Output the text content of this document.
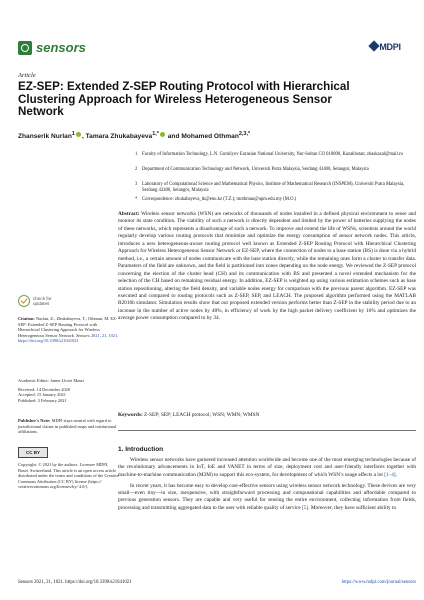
sensors	MDPI
Article
EZ-SEP: Extended Z-SEP Routing Protocol with Hierarchical Clustering Approach for Wireless Heterogeneous Sensor Network
Zhanserik Nurlan$^1$ , Tamara Zhukabayeva$^{1,*}$ and Mohamed Othman$^{2,3,*}$
1 Faculty of Information Technology, L.N. Gumilyov Eurasian National University, Nur-Sultan CO 010000, Kazakhstan; zhaskazal@mail.ru
2 Department of Communication Technology and Network, Universiti Putra Malaysia, Serdang 43400, Selangor, Malaysia
3 Laboratory of Computational Science and Mathematical Physics, Institute of Mathematical Research (INSPEM), Universiti Putra Malaysia, Serdang 43400, Selangor, Malaysia
* Correspondence: zhukabayeva_tk@enu.kz (T.Z.); mothman@upm.edu.my (M.O.)
Abstract: Wireless sensor networks (WSN) are networks of thousands of nodes installed in a defined physical environment to sense and monitor its state condition. The viability of such a network is directly dependent and limited by the power of batteries supplying the nodes of these networks, which represents a disadvantage of such a network. To improve and extend the life of WSNs, scientists around the world regularly develop various routing protocols that minimize and optimize the energy consumption of sensor network nodes. This article, introduces a new heterogeneous-aware routing protocol well known as Extended Z-SEP Routing Protocol with Hierarchical Clustering Approach for Wireless Heterogeneous Sensor Network or EZ-SEP, where the connection of nodes to a base station (BS) is done via a hybrid method, i.e., a certain amount of nodes communicate with the base station directly, while the remaining ones form a cluster to transfer data. Parameters of the field are unknown, and the field is partitioned into zones depending on the node energy. We reviewed the Z-SEP protocol concerning the election of the cluster head (CH) and its communication with BS and presented a novel extended mechanism for the selection of the CH based on remaining residual energy. In addition, EZ-SEP is weighted up using various estimation schemes such as base station repositioning, altering the field density, and variable nodes energy for comparison with the previous parent algorithm. EZ-SEP was executed and compared to routing protocols such as Z-SEP, SEP, and LEACH. The proposed algorithm performed using the MATLAB R2016b simulator. Simulation results show that our proposed extended version performs better than Z-SEP in the stability period due to an increase in the number of active nodes by 48%, in efficiency of work by the high packet delivery coefficient by 16% and optimizes the average power consumption compared to by 34.
Keywords: Z-SEP; SEP; LEACH protocol; WSN; WMN; WMSN
check for
updates
Citation: Nurlan, Z.; Zhukabayeva, T.; Othman, M. EZ-SEP: Extended Z-SEP Routing Protocol with Hierarchical Clustering Approach for Wireless Heterogeneous Sensor Network. Sensors 2021, 21, 1021. https://doi.org/10.3390/s21041021
Academic Editor: Jaime Lloret Mauri
Received: 14 December 2020
Accepted: 15 January 2021
Published: 3 February 2021
Publisher’s Note: MDPI stays neutral with regard to jurisdictional claims in published maps and institutional affiliations.
CC BY
Copyright: © 2021 by the authors. Licensee MDPI, Basel, Switzerland. This article is an open access article distributed under the terms and conditions of the Creative Commons Attribution (CC BY) license (https:// creativecommons.org/licenses/by/ 4.0/).
1. Introduction

Wireless sensor networks have garnered increased attention worldwide and become one of the most emerging technologies because of the revolutionary advancements in IoT, IoE and VANET in terms of size, deployment cost and user-friendly interfaces together with machine-to-machine communication (M2M) to support this eco-system, for development of which WSN’s usage affects a lot [1–4].

In recent years, it has become easy to develop cost-effective sensors using wireless sensor network technology. These devices are very small—even tiny—in size, inexpensive, with straightforward processing and computational capabilities and affordable compared to previous generation sensors. They are capable and very useful for sensing the entire environment, collecting information from fields, processing and transmitting aggregated data to the user with reliable quality of service [5]. Moreover, they have sufficient ability to

Sensors 2021, 21, 1021. https://doi.org/10.3390/s21041021	https://www.mdpi.com/journal/sensors
